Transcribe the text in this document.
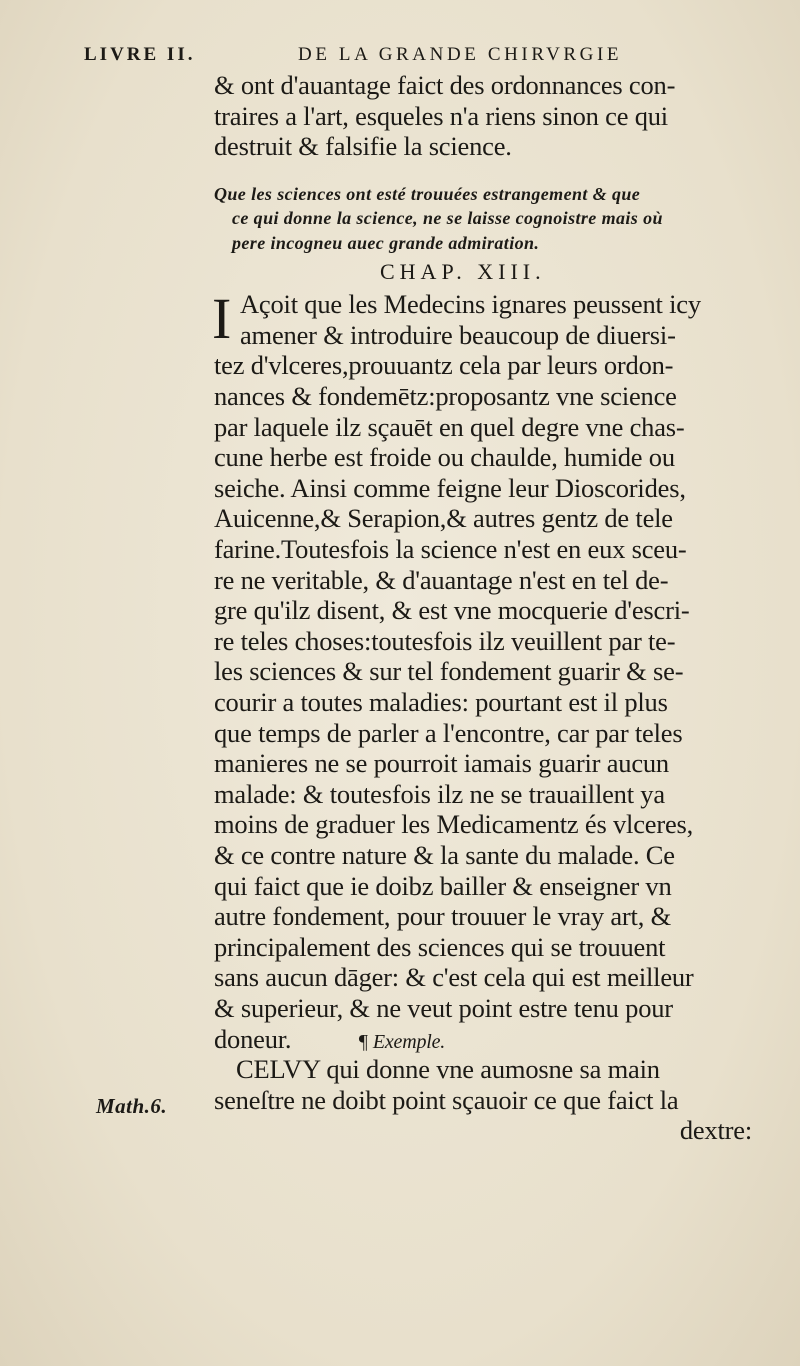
LIVRE II.	DE LA GRANDE CHIRVRGIE
& ont d'auantage faict des ordonnances con-
traires a l'art, esqueles n'a riens sinon ce qui
destruit & falsifie la science.
Que les sciences ont esté trouuées estrangement & que
ce qui donne la science, ne se laisse cognoistre mais où
pere incogneu auec grande admiration.
CHAP. XIII.
I Açoit que les Medecins ignares peussent icy
amener & introduire beaucoup de diuersi-
tez d'vlceres,prouuantz cela par leurs ordon-
nances & fondemētz:proposantz vne science
par laquele ilz sçauēt en quel degre vne chas-
cune herbe est froide ou chaulde, humide ou
seiche. Ainsi comme feigne leur Dioscorides,
Auicenne,& Serapion,& autres gentz de tele
farine.Toutesfois la science n'est en eux sceu-
re ne veritable, & d'auantage n'est en tel de-
gre qu'ilz disent, & est vne mocquerie d'escri-
re teles choses:toutesfois ilz veuillent par te-
les sciences & sur tel fondement guarir & se-
courir a toutes maladies: pourtant est il plus
que temps de parler a l'encontre, car par teles
manieres ne se pourroit iamais guarir aucun
malade: & toutesfois ilz ne se trauaillent ya
moins de graduer les Medicamentz és vlceres,
& ce contre nature & la sante du malade. Ce
qui faict que ie doibz bailler & enseigner vn
autre fondement, pour trouuer le vray art, &
principalement des sciences qui se trouuent
sans aucun dāger: & c'est cela qui est meilleur
& superieur, & ne veut point estre tenu pour
doneur.	¶ Exemple.
CELVY qui donne vne aumosne sa main
seneſtre ne doibt point sçauoir ce que faict la
dextre:
Math.6.
